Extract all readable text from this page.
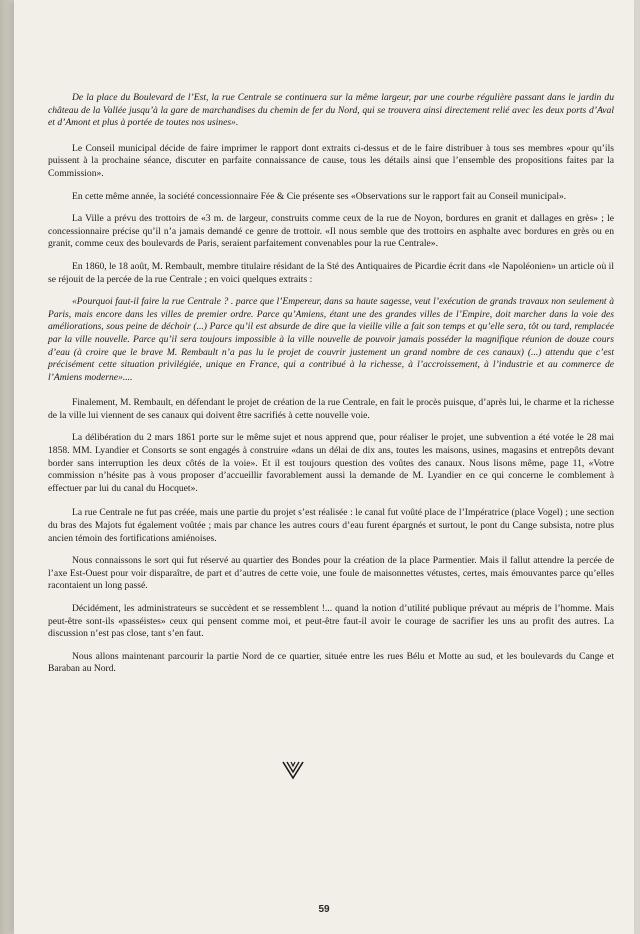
De la place du Boulevard de l’Est, la rue Centrale se continuera sur la même largeur, par une courbe régulière passant dans le jardin du château de la Vallée jusqu’à la gare de marchandises du chemin de fer du Nord, qui se trouvera ainsi directement relié avec les deux ports d’Aval et d’Amont et plus à portée de toutes nos usines».

Le Conseil municipal décide de faire imprimer le rapport dont extraits ci-dessus et de le faire distribuer à tous ses membres «pour qu’ils puissent à la prochaine séance, discuter en parfaite connaissance de cause, tous les détails ainsi que l’ensemble des propositions faites par la Commission».

En cette même année, la société concessionnaire Fée & Cie présente ses «Observations sur le rapport fait au Conseil municipal».

La Ville a prévu des trottoirs de «3 m. de largeur, construits comme ceux de la rue de Noyon, bordures en granit et dallages en grès» ; le concessionnaire précise qu’il n’a jamais demandé ce genre de trottoir. «Il nous semble que des trottoirs en asphalte avec bordures en grès ou en granit, comme ceux des boulevards de Paris, seraient parfaitement convenables pour la rue Centrale».

En 1860, le 18 août, M. Rembault, membre titulaire résidant de la Sté des Antiquaires de Picardie écrit dans «le Napoléonien» un article où il se réjouit de la percée de la rue Centrale ; en voici quelques extraits :

«Pourquoi faut-il faire la rue Centrale ? . parce que l’Empereur, dans sa haute sagesse, veut l’exécution de grands travaux non seulement à Paris, mais encore dans les villes de premier ordre. Parce qu’Amiens, étant une des grandes villes de l’Empire, doit marcher dans la voie des améliorations, sous peine de déchoir (...) Parce qu’il est absurde de dire que la vieille ville a fait son temps et qu’elle sera, tôt ou tard, remplacée par la ville nouvelle. Parce qu’il sera toujours impossible à la ville nouvelle de pouvoir jamais posséder la magnifique réunion de douze cours d’eau (à croire que le brave M. Rembault n’a pas lu le projet de couvrir justement un grand nombre de ces canaux) (...) attendu que c’est précisément cette situation privilégiée, unique en France, qui a contribué à la richesse, à l’accroissement, à l’industrie et au commerce de l’Amiens moderne»....

Finalement, M. Rembault, en défendant le projet de création de la rue Centrale, en fait le procès puisque, d’après lui, le charme et la richesse de la ville lui viennent de ses canaux qui doivent être sacrifiés à cette nouvelle voie.

La délibération du 2 mars 1861 porte sur le même sujet et nous apprend que, pour réaliser le projet, une subvention a été votée le 28 mai 1858. MM. Lyandier et Consorts se sont engagés à construire «dans un délai de dix ans, toutes les maisons, usines, magasins et entrepôts devant border sans interruption les deux côtés de la voie». Et il est toujours question des voûtes des canaux. Nous lisons même, page 11, «Votre commission n’hésite pas à vous proposer d’accueillir favorablement aussi la demande de M. Lyandier en ce qui concerne le comblement à effectuer par lui du canal du Hocquet».

La rue Centrale ne fut pas créée, mais une partie du projet s’est réalisée : le canal fut voûté place de l’Impératrice (place Vogel) ; une section du bras des Majots fut également voûtée ; mais par chance les autres cours d’eau furent épargnés et surtout, le pont du Cange subsista, notre plus ancien témoin des fortifications amiénoises.

Nous connaissons le sort qui fut réservé au quartier des Bondes pour la création de la place Parmentier. Mais il fallut attendre la percée de l’axe Est-Ouest pour voir disparaître, de part et d’autres de cette voie, une foule de maisonnettes vétustes, certes, mais émouvantes parce qu’elles racontaient un long passé.

Décidément, les administrateurs se succèdent et se ressemblent !... quand la notion d’utilité publique prévaut au mépris de l’homme. Mais peut-être sont-ils «passéistes» ceux qui pensent comme moi, et peut-être faut-il avoir le courage de sacrifier les uns au profit des autres. La discussion n’est pas close, tant s’en faut.

Nous allons maintenant parcourir la partie Nord de ce quartier, située entre les rues Bélu et Motte au sud, et les boulevards du Cange et Baraban au Nord.

59
